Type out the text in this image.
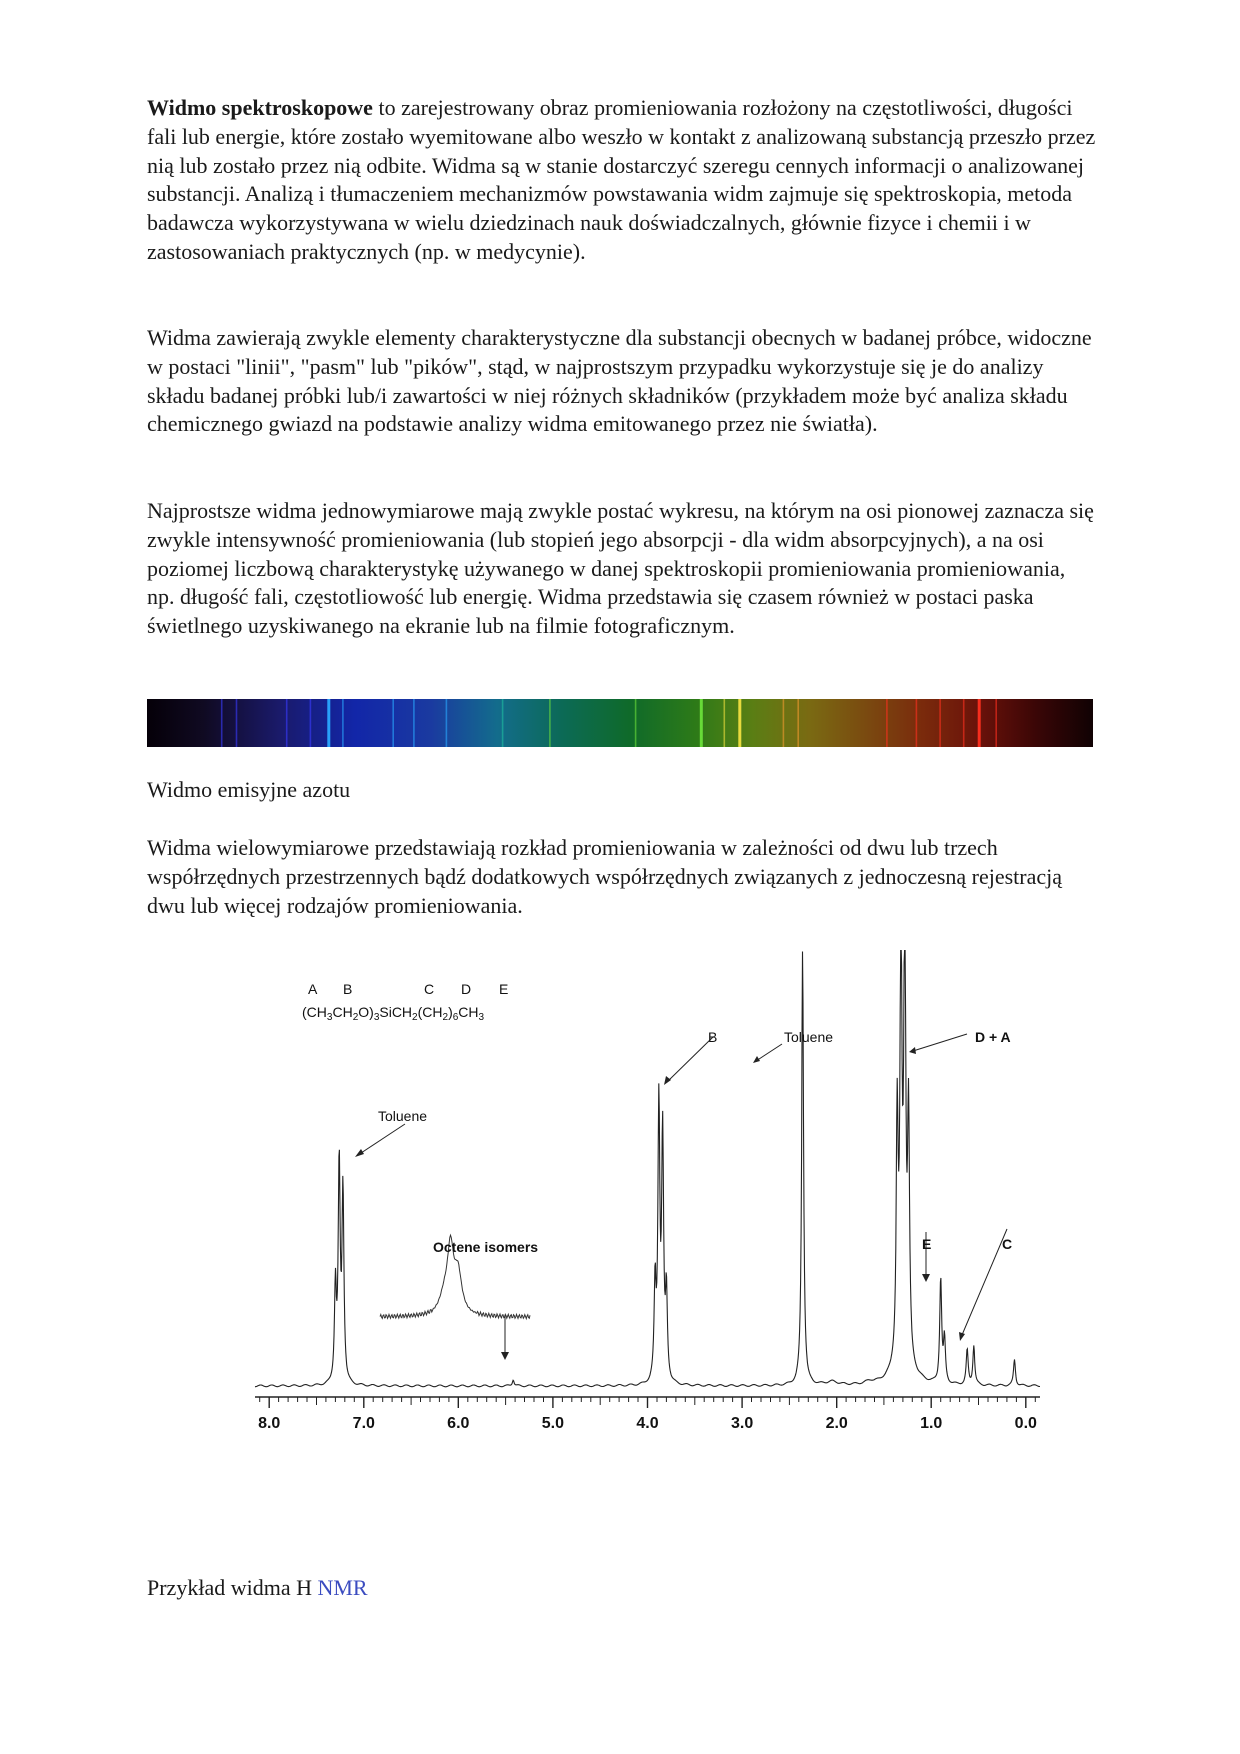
Widmo spektroskopowe to zarejestrowany obraz promieniowania rozłożony na częstotliwości, długości fali lub energie, które zostało wyemitowane albo weszło w kontakt z analizowaną substancją przeszło przez nią lub zostało przez nią odbite. Widma są w stanie dostarczyć szeregu cennych informacji o analizowanej substancji. Analizą i tłumaczeniem mechanizmów powstawania widm zajmuje się spektroskopia, metoda badawcza wykorzystywana w wielu dziedzinach nauk doświadczalnych, głównie fizyce i chemii i w zastosowaniach praktycznych (np. w medycynie).

Widma zawierają zwykle elementy charakterystyczne dla substancji obecnych w badanej próbce, widoczne w postaci "linii", "pasm" lub "pików", stąd, w najprostszym przypadku wykorzystuje się je do analizy składu badanej próbki lub/i zawartości w niej różnych składników (przykładem może być analiza składu chemicznego gwiazd na podstawie analizy widma emitowanego przez nie światła).

Najprostsze widma jednowymiarowe mają zwykle postać wykresu, na którym na osi pionowej zaznacza się zwykle intensywność promieniowania (lub stopień jego absorpcji - dla widm absorpcyjnych), a na osi poziomej liczbową charakterystykę używanego w danej spektroskopii promieniowania promieniowania, np. długość fali, częstotliowość lub energię. Widma przedstawia się czasem również w postaci paska świetlnego uzyskiwanego na ekranie lub na filmie fotograficznym.

Widmo emisyjne azotu

Widma wielowymiarowe przedstawiają rozkład promieniowania w zależności od dwu lub trzech współrzędnych przestrzennych bądź dodatkowych współrzędnych związanych z jednoczesną rejestracją dwu lub więcej rodzajów promieniowania.

A B	C D E
$(CH_3CH_2O)_3SiCH_2(CH_2)_6CH_3$
Octene isomers
8.0	7.0	6.0	5.0	4.0	3.0	2.0	1.0	0.0
Toluene
B	Toluene	D + A
E	C

Przykład widma H NMR
